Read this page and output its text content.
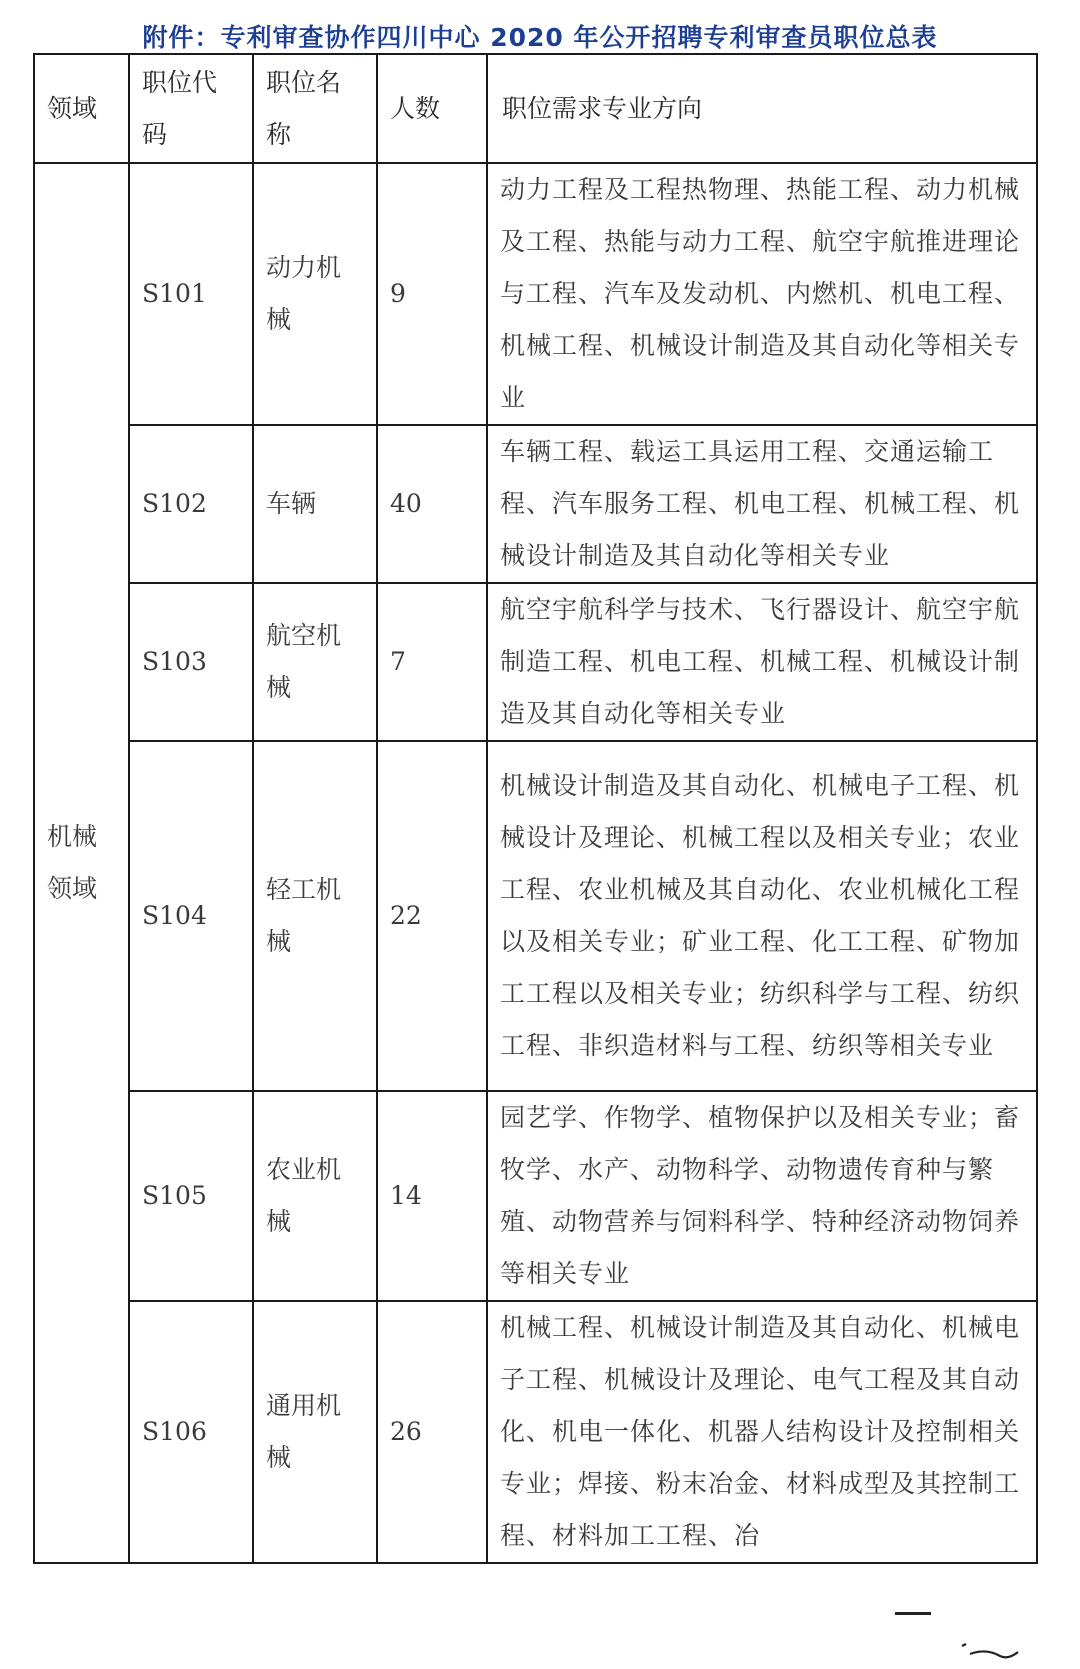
附件：专利审查协作四川中心 2020 年公开招聘专利审查员职位总表
领域	职位代码	职位名称	人数	职位需求专业方向
机械领域	S101	动力机械	9	动力工程及工程热物理、热能工程、动力机械及工程、热能与动力工程、航空宇航推进理论与工程、汽车及发动机、内燃机、机电工程、机械工程、机械设计制造及其自动化等相关专业
	S102	车辆	40	车辆工程、载运工具运用工程、交通运输工程、汽车服务工程、机电工程、机械工程、机械设计制造及其自动化等相关专业
	S103	航空机械	7	航空宇航科学与技术、飞行器设计、航空宇航制造工程、机电工程、机械工程、机械设计制造及其自动化等相关专业
	S104	轻工机械	22	机械设计制造及其自动化、机械电子工程、机械设计及理论、机械工程以及相关专业；农业工程、农业机械及其自动化、农业机械化工程以及相关专业；矿业工程、化工工程、矿物加工工程以及相关专业；纺织科学与工程、纺织工程、非织造材料与工程、纺织等相关专业
	S105	农业机械	14	园艺学、作物学、植物保护以及相关专业；畜牧学、水产、动物科学、动物遗传育种与繁殖、动物营养与饲料科学、特种经济动物饲养等相关专业
	S106	通用机械	26	机械工程、机械设计制造及其自动化、机械电子工程、机械设计及理论、电气工程及其自动化、机电一体化、机器人结构设计及控制相关专业；焊接、粉末冶金、材料成型及其控制工程、材料加工工程、冶
